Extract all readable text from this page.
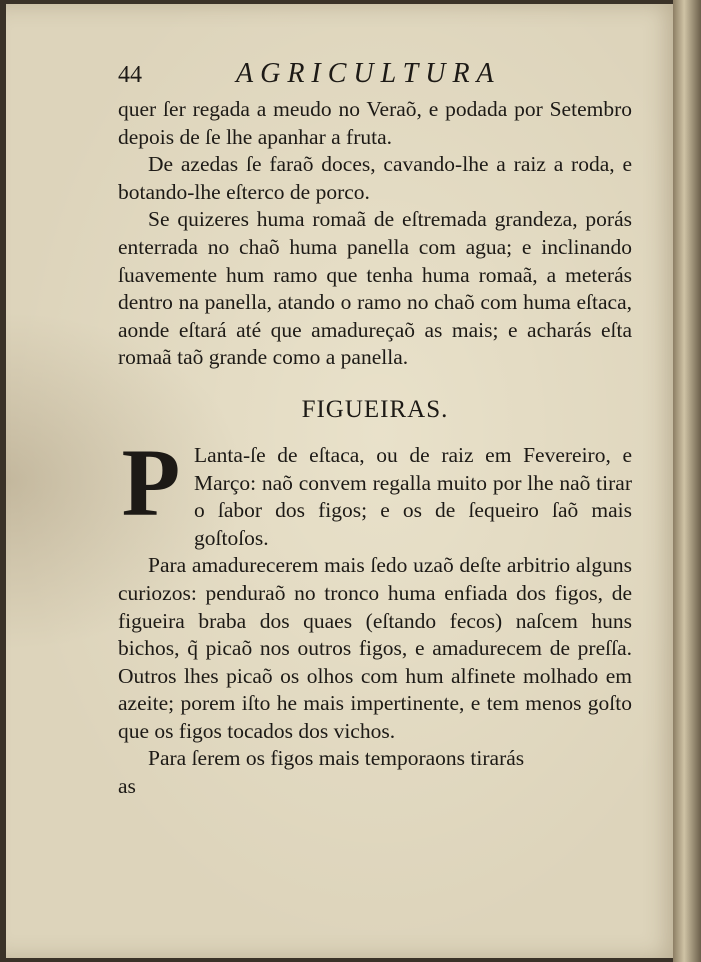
44	AGRICULTURA

quer ſer regada a meudo no Veraõ, e podada por Setembro depois de ſe lhe apanhar a fruta.

De azedas ſe faraõ doces, cavando-lhe a raiz a roda, e botando-lhe eſterco de porco.

Se quizeres huma romaã de eſtremada grandeza, porás enterrada no chaõ huma panella com agua; e inclinando ſuavemente hum ramo que tenha huma romaã, a meterás dentro na panella, atando o ramo no chaõ com huma eſtaca, aonde eſtará até que amadureçaõ as mais; e acharás eſta romaã taõ grande como a panella.

FIGUEIRAS.
P Lanta-ſe de eſtaca, ou de raiz em Fevereiro, e Março: naõ convem regalla muito por lhe naõ tirar o ſabor dos figos; e os de ſequeiro ſaõ mais goſtoſos.

Para amadurecerem mais ſedo uzaõ deſte arbitrio alguns curiozos: penduraõ no tronco huma enfiada dos figos, de figueira braba dos quaes (eſtando fecos) naſcem huns bichos, q̃ picaõ nos outros figos, e amadurecem de preſſa. Outros lhes picaõ os olhos com hum alfinete molhado em azeite; porem iſto he mais impertinente, e tem menos goſto que os figos tocados dos vichos.

Para ſerem os figos mais temporaons tirarás

as
